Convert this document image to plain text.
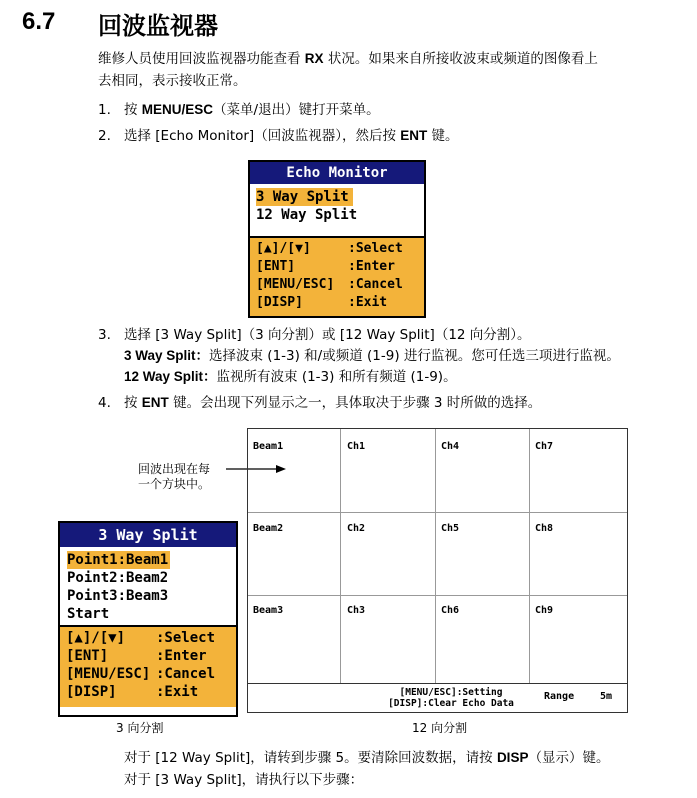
6.7 回波监视器
维修人员使用回波监视器功能查看 RX 状况。如果来自所接收波束或频道的图像看上
去相同，表示接收正常。
1. 按 MENU/ESC（菜单/退出）键打开菜单。
2. 选择 [Echo Monitor]（回波监视器），然后按 ENT 键。
Echo Monitor
3 Way Split
12 Way Split
[▲]/[▼]	:Select
[ENT]	:Enter
[MENU/ESC] :Cancel
[DISP]	:Exit
3. 选择 [3 Way Split]（3 向分割）或 [12 Way Split]（12 向分割）。
3 Way Split：选择波束 (1-3) 和/或频道 (1-9) 进行监视。您可任选三项进行监视。
12 Way Split：监视所有波束 (1-3) 和所有频道 (1-9)。
4. 按 ENT 键。会出现下列显示之一，具体取决于步骤 3 时所做的选择。
回波出现在每
一个方块中。
3 Way Split
Point1:Beam1
Point2:Beam2
Point3:Beam3
Start
[▲]/[▼] :Select
[ENT]	:Enter
[MENU/ESC] :Cancel
[DISP]	:Exit
Beam1	Ch1	Ch4	Ch7
Beam2	Ch2	Ch5	Ch8
Beam3	Ch3	Ch6	Ch9
[MENU/ESC]:Setting
[DISP]:Clear Echo Data
Range	5m
3 向分割	12 向分割
对于 [12 Way Split]，请转到步骤 5。要清除回波数据，请按 DISP（显示）键。
对于 [3 Way Split]，请执行以下步骤：
